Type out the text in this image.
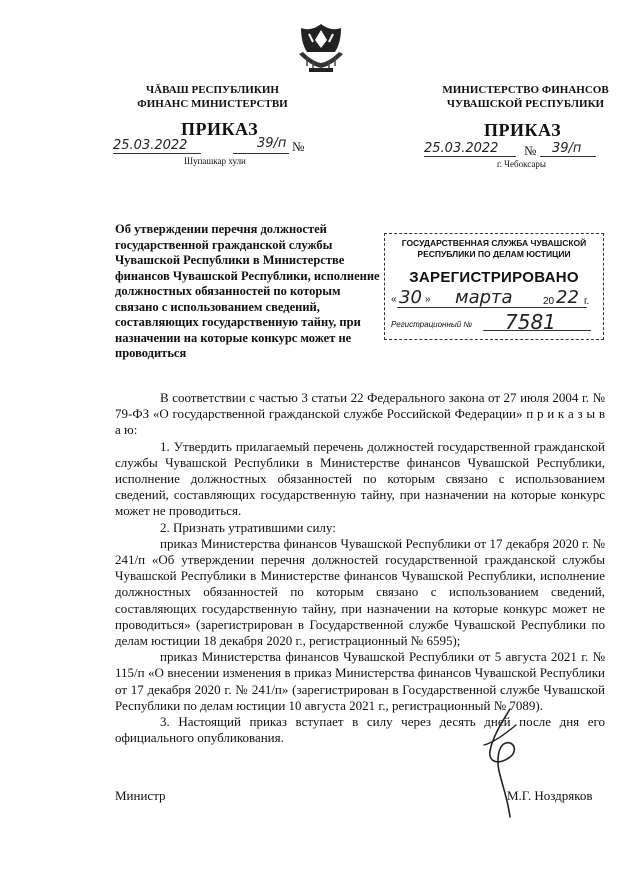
ЧĂВАШ РЕСПУБЛИКИН
ФИНАНС МИНИСТЕРСТВИ
ПРИКАЗ
25.03.2022	39/п №
Шупашкар хули
МИНИСТЕРСТВО ФИНАНСОВ
ЧУВАШСКОЙ РЕСПУБЛИКИ
ПРИКАЗ
25.03.2022 № 39/п
г. Чебоксары
Об утверждении перечня должностей государственной гражданской службы Чувашской Республики в Министерстве финансов Чувашской Республики, исполнение должностных обязанностей по которым связано с использованием сведений, составляющих государственную тайну, при назначении на которые конкурс может не проводиться
ГОСУДАРСТВЕННАЯ СЛУЖБА ЧУВАШСКОЙ
РЕСПУБЛИКИ ПО ДЕЛАМ ЮСТИЦИИ
ЗАРЕГИСТРИРОВАНО
« 30 » марта	20 22 г.
Регистрационный № 7581

В соответствии с частью 3 статьи 22 Федерального закона от 27 июля 2004 г. № 79-ФЗ «О государственной гражданской службе Российской Федерации» п р и к а з ы в а ю:

1. Утвердить прилагаемый перечень должностей государственной гражданской службы Чувашской Республики в Министерстве финансов Чувашской Республики, исполнение должностных обязанностей по которым связано с использованием сведений, составляющих государственную тайну, при назначении на которые конкурс может не проводиться.

2. Признать утратившими силу:

приказ Министерства финансов Чувашской Республики от 17 декабря 2020 г. № 241/п «Об утверждении перечня должностей государственной гражданской службы Чувашской Республики в Министерстве финансов Чувашской Республики, исполнение должностных обязанностей по которым связано с использованием сведений, составляющих государственную тайну, при назначении на которые конкурс может не проводиться» (зарегистрирован в Государственной службе Чувашской Республики по делам юстиции 18 декабря 2020 г., регистрационный № 6595);

приказ Министерства финансов Чувашской Республики от 5 августа 2021 г. № 115/п «О внесении изменения в приказ Министерства финансов Чувашской Республики от 17 декабря 2020 г. № 241/п» (зарегистрирован в Государственной службе Чувашской Республики по делам юстиции 10 августа 2021 г., регистрационный № 7089).

3. Настоящий приказ вступает в силу через десять дней после дня его официального опубликования.

Министр	М.Г. Ноздряков
